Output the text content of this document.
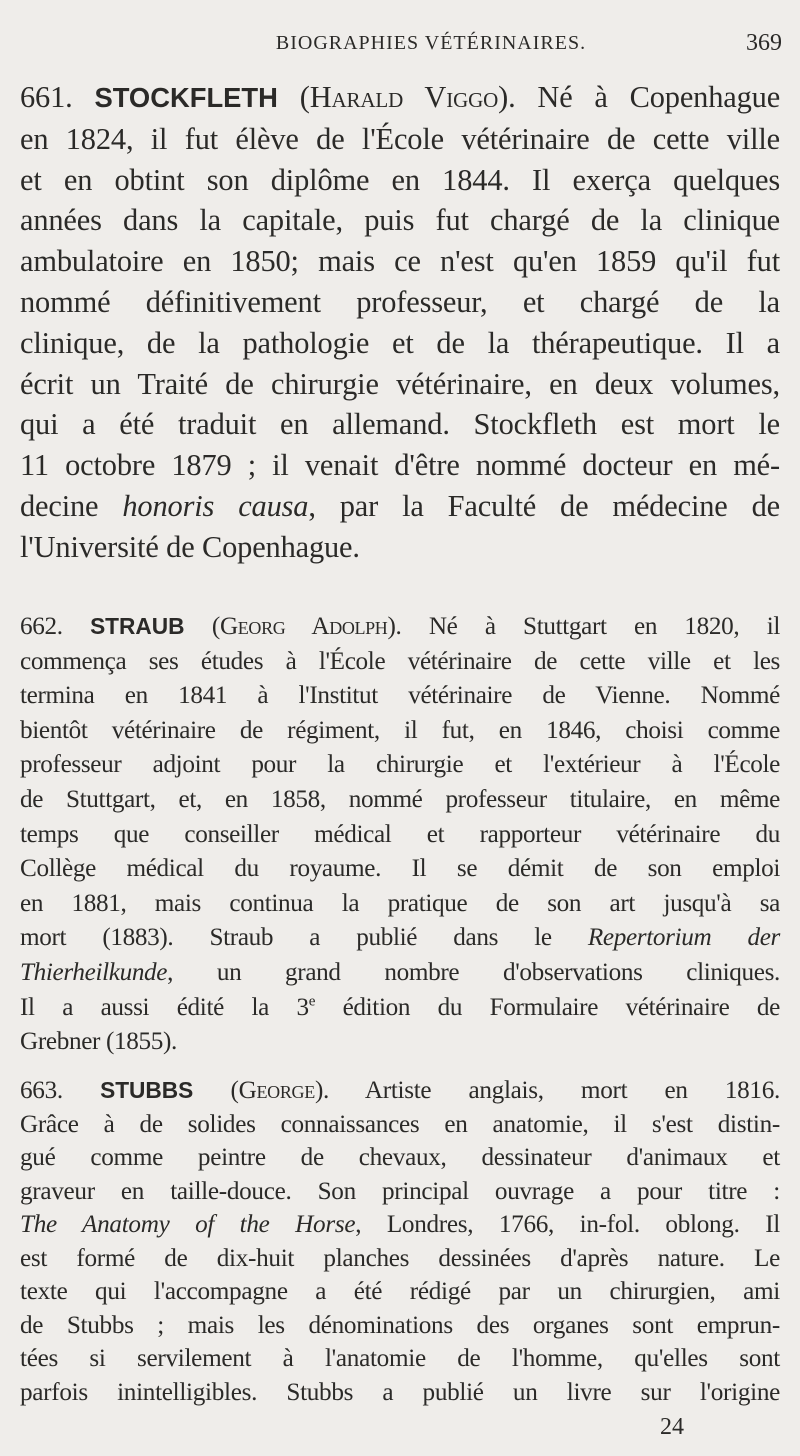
BIOGRAPHIES VÉTÉRINAIRES.	369
661. STOCKFLETH (Harald Viggo). Né à Copenhague
en 1824, il fut élève de l'École vétérinaire de cette ville
et en obtint son diplôme en 1844. Il exerça quelques
années dans la capitale, puis fut chargé de la clinique
ambulatoire en 1850; mais ce n'est qu'en 1859 qu'il fut
nommé définitivement professeur, et chargé de la
clinique, de la pathologie et de la thérapeutique. Il a
écrit un Traité de chirurgie vétérinaire, en deux volumes,
qui a été traduit en allemand. Stockfleth est mort le
11 octobre 1879 ; il venait d'être nommé docteur en mé-
decine honoris causa, par la Faculté de médecine de
l'Université de Copenhague.
662. STRAUB (Georg Adolph). Né à Stuttgart en 1820, il
commença ses études à l'École vétérinaire de cette ville et les
termina en 1841 à l'Institut vétérinaire de Vienne. Nommé
bientôt vétérinaire de régiment, il fut, en 1846, choisi comme
professeur adjoint pour la chirurgie et l'extérieur à l'École
de Stuttgart, et, en 1858, nommé professeur titulaire, en même
temps que conseiller médical et rapporteur vétérinaire du
Collège médical du royaume. Il se démit de son emploi
en 1881, mais continua la pratique de son art jusqu'à sa
mort (1883). Straub a publié dans le Repertorium der
Thierheilkunde, un grand nombre d'observations cliniques.
Il a aussi édité la 3e édition du Formulaire vétérinaire de
Grebner (1855).
663. STUBBS (George). Artiste anglais, mort en 1816.
Grâce à de solides connaissances en anatomie, il s'est distin-
gué comme peintre de chevaux, dessinateur d'animaux et
graveur en taille-douce. Son principal ouvrage a pour titre :
The Anatomy of the Horse, Londres, 1766, in-fol. oblong. Il
est formé de dix-huit planches dessinées d'après nature. Le
texte qui l'accompagne a été rédigé par un chirurgien, ami
de Stubbs ; mais les dénominations des organes sont emprun-
tées si servilement à l'anatomie de l'homme, qu'elles sont
parfois inintelligibles. Stubbs a publié un livre sur l'origine
24
